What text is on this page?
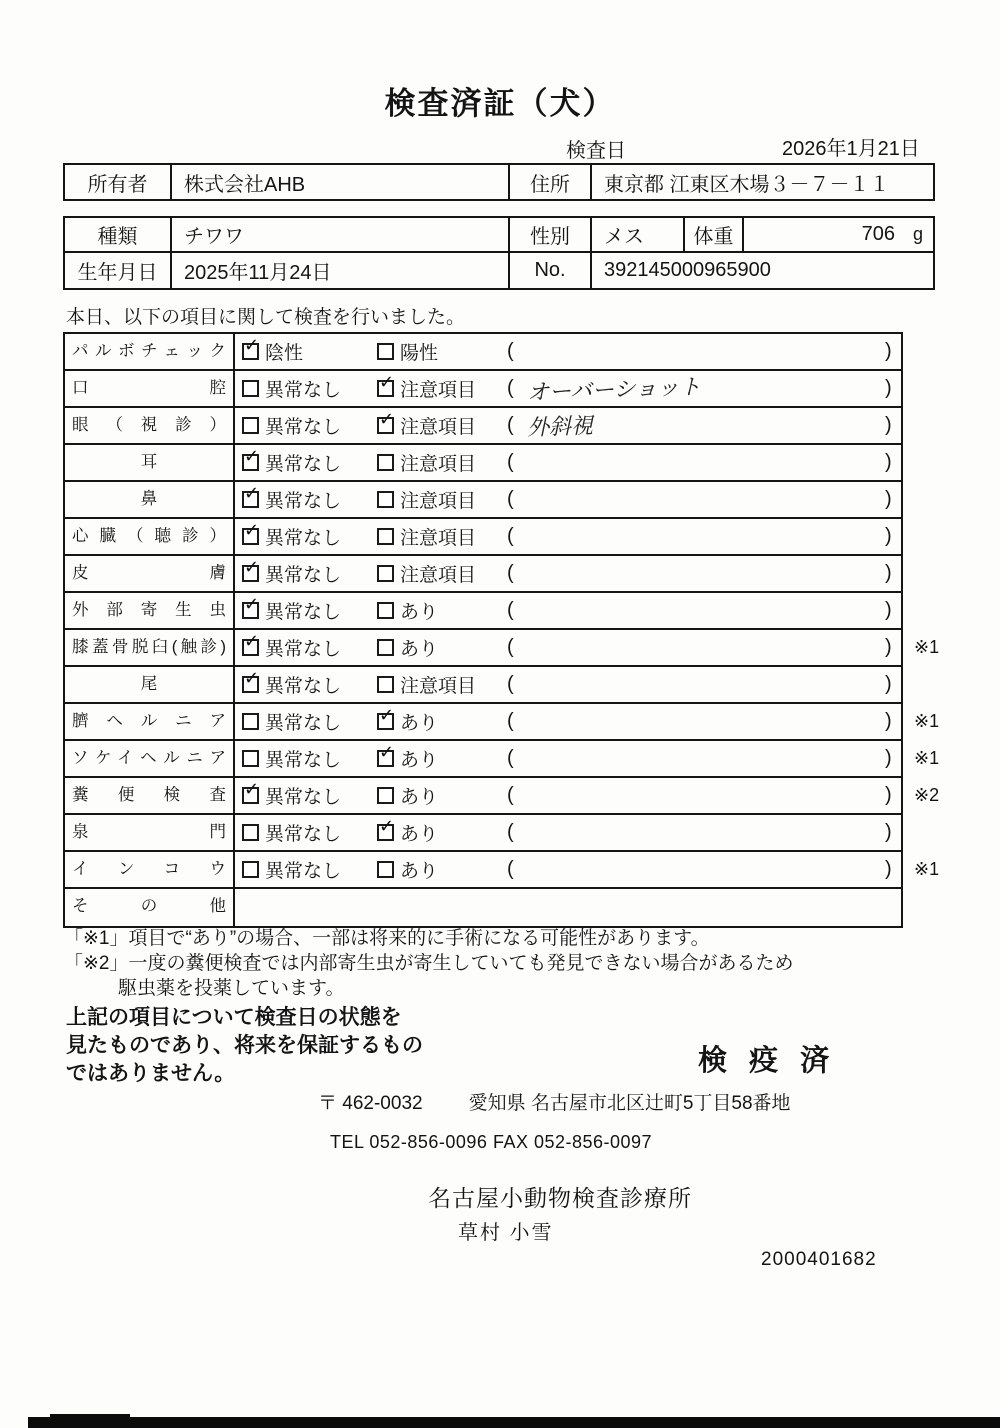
検査済証（犬）
検査日	2026年1月21日
所有者	株式会社AHB	住所	東京都 江東区木場３－７－１１
種類	チワワ	性別	メス	体重	706 g
生年月日	2025年11月24日	No.	392145000965900
本日、以下の項目に関して検査を行いました。
パルボチェック	✓ 陰性	陽性	(	)
口腔	異常なし ✓ 注意項目 ( オーバーショット	)
眼（視診）	異常なし ✓ 注意項目 ( 外斜視	)
耳	✓ 異常なし	注意項目 (	)
鼻	✓ 異常なし	注意項目 (	)
心臓（聴診）	✓ 異常なし	注意項目 (	)
皮膚	✓ 異常なし	注意項目 (	)
外部寄生虫	✓ 異常なし	あり	(	)
膝蓋骨脱臼(触診)	✓ 異常なし	あり	(	) ※1
尾	✓ 異常なし	注意項目 (	)
臍ヘルニア	異常なし ✓ あり	(	) ※1
ソケイヘルニア	異常なし ✓ あり	(	) ※1
糞便検査	✓ 異常なし	あり	(	) ※2
泉門	異常なし ✓ あり	(	)
インコウ	異常なし	あり	(	) ※1
その他
「※1」項目で“あり”の場合、一部は将来的に手術になる可能性があります。
「※2」一度の糞便検査では内部寄生虫が寄生していても発見できない場合があるため
駆虫薬を投薬しています。
上記の項目について検査日の状態を
見たものであり、将来を保証するもの
ではありません。	検 疫 済
〒 462-0032 愛知県 名古屋市北区辻町5丁目58番地
TEL 052-856-0096 FAX 052-856-0097
名古屋小動物検査診療所
草村 小雪
2000401682
